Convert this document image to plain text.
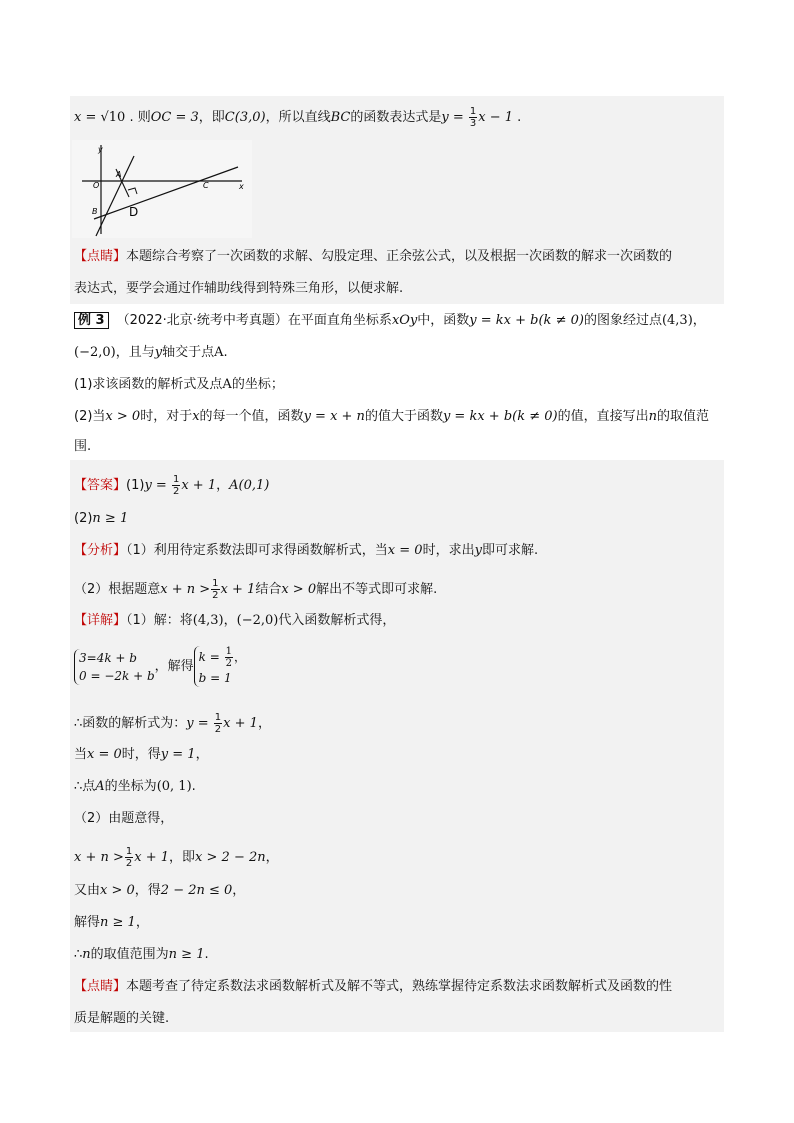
x = √10 . 则OC = 3，即C(3,0)，所以直线BC的函数表达式是$y = \frac{1}{3}$ x − 1 .
y
x
O
A
B
C
D
【点睛】本题综合考察了一次函数的求解、勾股定理、正余弦公式，以及根据一次函数的解求一次函数的
表达式，要学会通过作辅助线得到特殊三角形，以便求解.
例 3 （2022·北京·统考中考真题）在平面直角坐标系xOy中，函数y = kx + b(k ≠ 0)的图象经过点(4,3)，
(−2,0)，且与y轴交于点A.
(1)求该函数的解析式及点A的坐标；
(2)当x > 0时，对于x的每一个值，函数y = x + n的值大于函数y = kx + b(k ≠ 0)的值，直接写出n的取值范
围.
【答案】$(1)y = \frac{1}{2}$ x + 1，A(0,1)
(2)n ≥ 1
【分析】（1）利用待定系数法即可求得函数解析式，当x = 0时，求出y即可求解.
（2）根据题意$x + n > \frac{1}{2}$ x + 1结合x > 0解出不等式即可求解.
【详解】（1）解：将(4,3)，(−2,0)代入函数解析式得，
3=4k + b
0 = −2k + b
，解得
$k = \frac{1}{2}$ ，
b = 1
∴函数的解析式为：$y = \frac{1}{2}$ x + 1，
当x = 0时，得y = 1，
∴点A的坐标为(0, 1).
（2）由题意得，
$x + n > \frac{1}{2}$ x + 1，即x > 2 − 2n，
又由x > 0，得2 − 2n ≤ 0，
解得n ≥ 1，
∴n的取值范围为n ≥ 1.
【点睛】本题考查了待定系数法求函数解析式及解不等式，熟练掌握待定系数法求函数解析式及函数的性
质是解题的关键.
